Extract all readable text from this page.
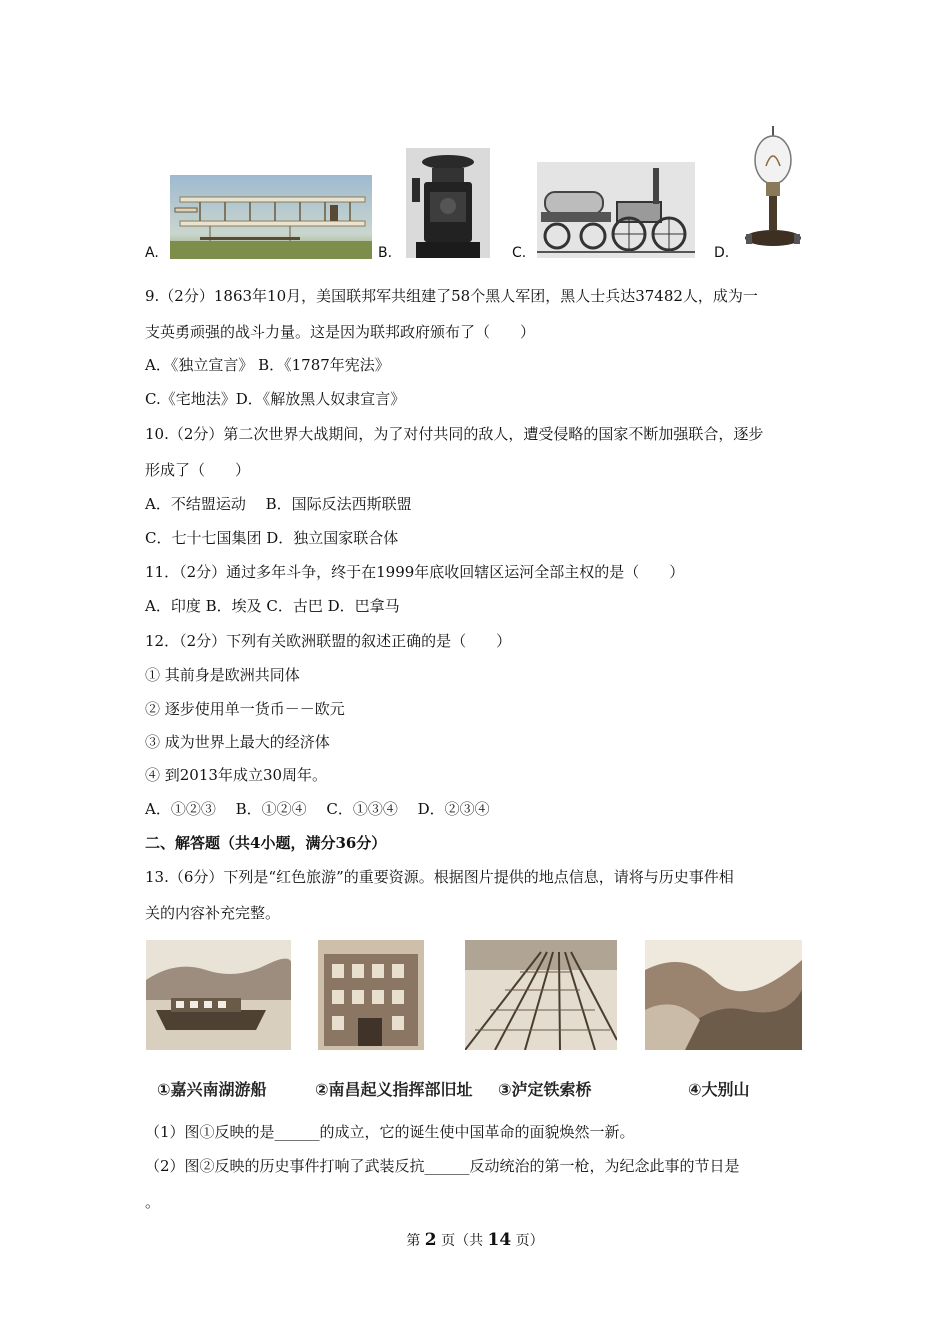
A.	B.	C.	D.
9.（2分）1863年10月，美国联邦军共组建了58个黑人军团，黑人士兵达37482人，成为一
支英勇顽强的战斗力量。这是因为联邦政府颁布了（　　）
A．《独立宣言》 B．《1787年宪法》
C.《宅地法》D．《解放黑人奴隶宣言》
10.（2分）第二次世界大战期间，为了对付共同的敌人，遭受侵略的国家不断加强联合，逐步
形成了（　　）
A．不结盟运动　 B．国际反法西斯联盟
C．七十七国集团 D．独立国家联合体
11．（2分）通过多年斗争，终于在1999年底收回辖区运河全部主权的是（　　）
A．印度 B．埃及 C．古巴 D．巴拿马
12．（2分）下列有关欧洲联盟的叙述正确的是（　　）
① 其前身是欧洲共同体
② 逐步使用单一货币－－欧元
③ 成为世界上最大的经济体
④ 到2013年成立30周年。
A．①②③　 B．①②④　 C．①③④　 D．②③④
二、解答题（共4小题，满分36分）
13.（6分）下列是“红色旅游”的重要资源。根据图片提供的地点信息，请将与历史事件相
关的内容补充完整。
①嘉兴南湖游船	②南昌起义指挥部旧址 ③泸定铁索桥	④大别山
（1）图①反映的是______的成立，它的诞生使中国革命的面貌焕然一新。
（2）图②反映的历史事件打响了武装反抗______反动统治的第一枪，为纪念此事的节日是
。
第 2 页（共 14 页）
